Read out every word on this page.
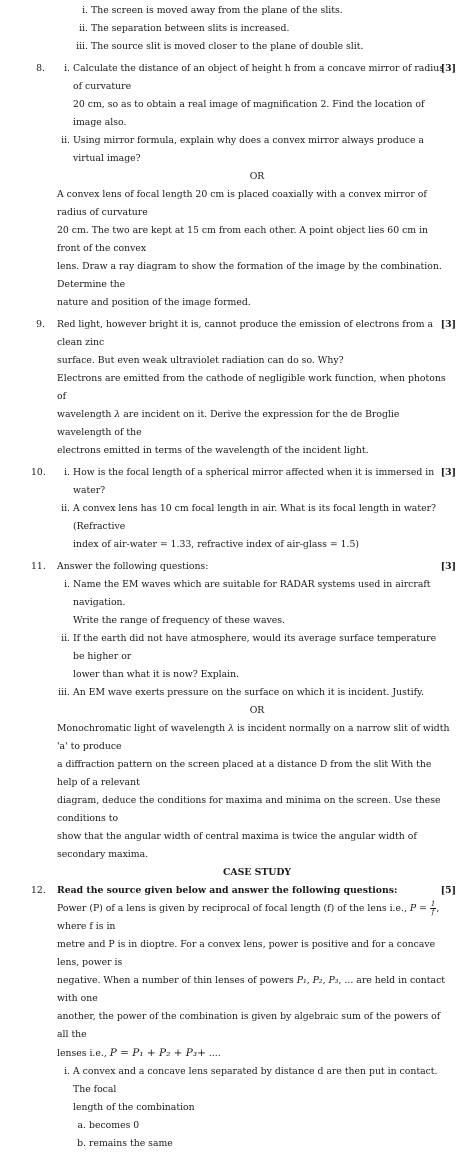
i. The screen is moved away from the plane of the slits.
ii. The separation between slits is increased.
iii. The source slit is moved closer to the plane of double slit.
8.	[3]
i. Calculate the distance of an object of height h from a concave mirror of radius of curvature
20 cm, so as to obtain a real image of magnification 2. Find the location of image also.
ii. Using mirror formula, explain why does a convex mirror always produce a virtual image?
OR
A convex lens of focal length 20 cm is placed coaxially with a convex mirror of radius of curvature
20 cm. The two are kept at 15 cm from each other. A point object lies 60 cm in front of the convex
lens. Draw a ray diagram to show the formation of the image by the combination. Determine the
nature and position of the image formed.
9.	[3]
Red light, however bright it is, cannot produce the emission of electrons from a clean zinc
surface. But even weak ultraviolet radiation can do so. Why?
Electrons are emitted from the cathode of negligible work function, when photons of
wavelength λ are incident on it. Derive the expression for the de Broglie wavelength of the
electrons emitted in terms of the wavelength of the incident light.
10.	[3]
i. How is the focal length of a spherical mirror affected when it is immersed in water?
ii. A convex lens has 10 cm focal length in air. What is its focal length in water? (Refractive
index of air-water = 1.33, refractive index of air-glass = 1.5)
11.	[3]
Answer the following questions:
i. Name the EM waves which are suitable for RADAR systems used in aircraft navigation.
Write the range of frequency of these waves.
ii. If the earth did not have atmosphere, would its average surface temperature be higher or
lower than what it is now? Explain.
iii. An EM wave exerts pressure on the surface on which it is incident. Justify.
OR
Monochromatic light of wavelength λ is incident normally on a narrow slit of width 'a' to produce
a diffraction pattern on the screen placed at a distance D from the slit With the help of a relevant
diagram, deduce the conditions for maxima and minima on the screen. Use these conditions to
show that the angular width of central maxima is twice the angular width of secondary maxima.
CASE STUDY
12.	[5]
Read the source given below and answer the following questions:
Power (P) of a lens is given by reciprocal of focal length (f) of the lens i.e., $P = \frac{1}{f}$ , where f is in
metre and P is in dioptre. For a convex lens, power is positive and for a concave lens, power is
negative. When a number of thin lenses of powers P₁, P₂, P₃, ... are held in contact with one
another, the power of the combination is given by algebraic sum of the powers of all the
lenses i.e., P = P₁ + P₂ + P₃+ ....
i. A convex and a concave lens separated by distance d are then put in contact. The focal
length of the combination
a. becomes 0
b. remains the same
